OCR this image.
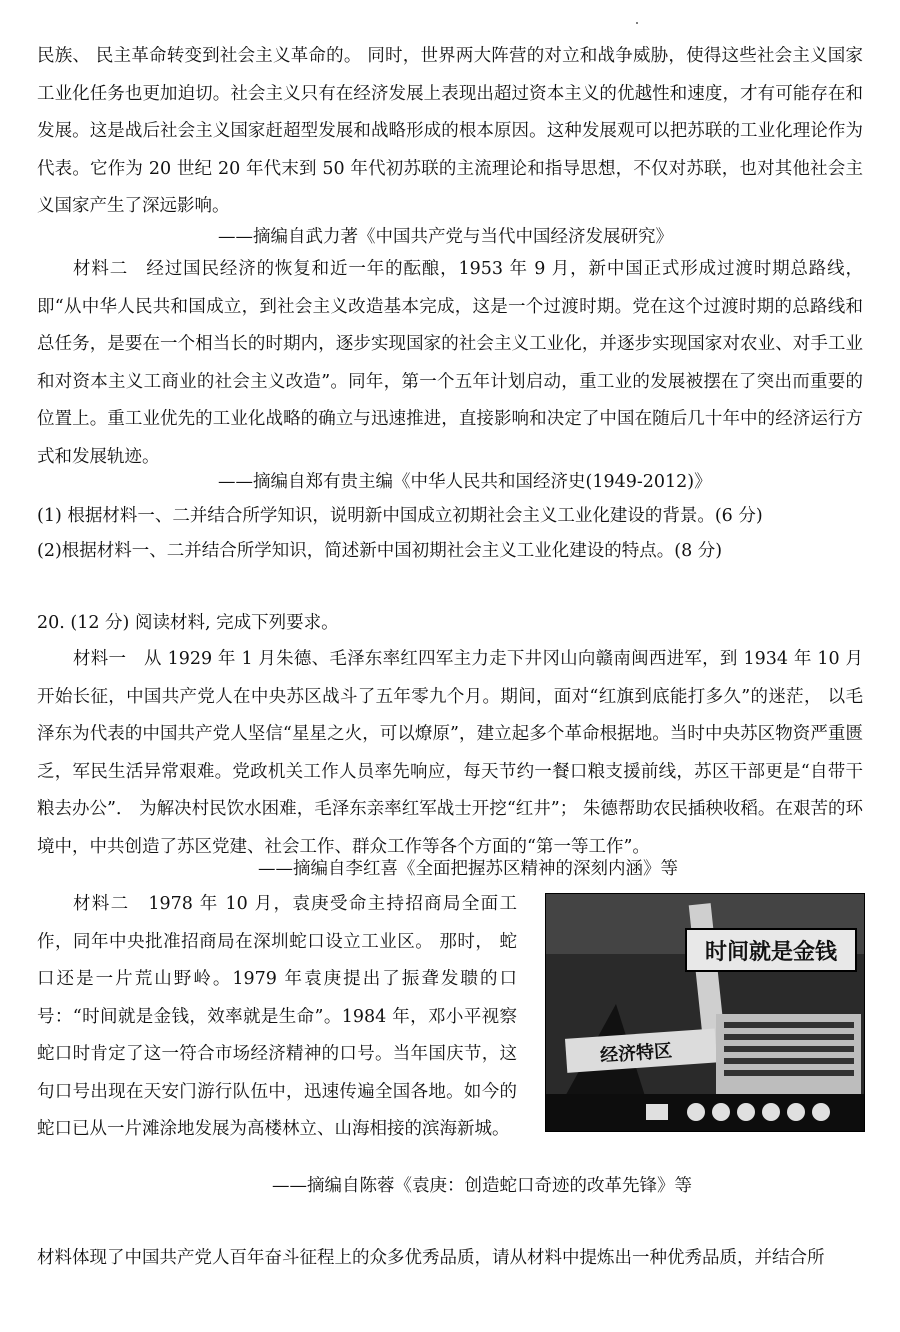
民族、 民主革命转变到社会主义革命的。 同时，世界两大阵营的对立和战争威胁，使得这些社会主义国家工业化任务也更加迫切。社会主义只有在经济发展上表现出超过资本主义的优越性和速度，才有可能存在和发展。这是战后社会主义国家赶超型发展和战略形成的根本原因。这种发展观可以把苏联的工业化理论作为代表。它作为 20 世纪 20 年代末到 50 年代初苏联的主流理论和指导思想，不仅对苏联，也对其他社会主义国家产生了深远影响。

——摘编自武力著《中国共产党与当代中国经济发展研究》

材料二　经过国民经济的恢复和近一年的酝酿，1953 年 9 月，新中国正式形成过渡时期总路线，即“从中华人民共和国成立，到社会主义改造基本完成，这是一个过渡时期。党在这个过渡时期的总路线和总任务，是要在一个相当长的时期内，逐步实现国家的社会主义工业化，并逐步实现国家对农业、对手工业和对资本主义工商业的社会主义改造”。同年，第一个五年计划启动，重工业的发展被摆在了突出而重要的位置上。重工业优先的工业化战略的确立与迅速推进，直接影响和决定了中国在随后几十年中的经济运行方式和发展轨迹。

——摘编自郑有贵主编《中华人民共和国经济史(1949-2012)》

(1) 根据材料一、二并结合所学知识，说明新中国成立初期社会主义工业化建设的背景。(6 分)

(2)根据材料一、二并结合所学知识，简述新中国初期社会主义工业化建设的特点。(8 分)

20. (12 分) 阅读材料, 完成下列要求。

材料一　从 1929 年 1 月朱德、毛泽东率红四军主力走下井冈山向赣南闽西进军，到 1934 年 10 月开始长征，中国共产党人在中央苏区战斗了五年零九个月。期间，面对“红旗到底能打多久”的迷茫， 以毛泽东为代表的中国共产党人坚信“星星之火，可以燎原”，建立起多个革命根据地。当时中央苏区物资严重匮乏，军民生活异常艰难。党政机关工作人员率先响应，每天节约一餐口粮支援前线，苏区干部更是“自带干粮去办公”． 为解决村民饮水困难，毛泽东亲率红军战士开挖“红井”； 朱德帮助农民插秧收稻。在艰苦的环境中，中共创造了苏区党建、社会工作、群众工作等各个方面的“第一等工作”。

——摘编自李红喜《全面把握苏区精神的深刻内涵》等

材料二　1978 年 10 月，袁庚受命主持招商局全面工作，同年中央批准招商局在深圳蛇口设立工业区。 那时， 蛇口还是一片荒山野岭。1979 年袁庚提出了振聋发聩的口号：“时间就是金钱，效率就是生命”。1984 年，邓小平视察蛇口时肯定了这一符合市场经济精神的口号。当年国庆节，这句口号出现在天安门游行队伍中，迅速传遍全国各地。如今的蛇口已从一片滩涂地发展为高楼林立、山海相接的滨海新城。

时间就是金钱
经济特区

——摘编自陈蓉《袁庚：创造蛇口奇迹的改革先锋》等

材料体现了中国共产党人百年奋斗征程上的众多优秀品质，请从材料中提炼出一种优秀品质，并结合所
